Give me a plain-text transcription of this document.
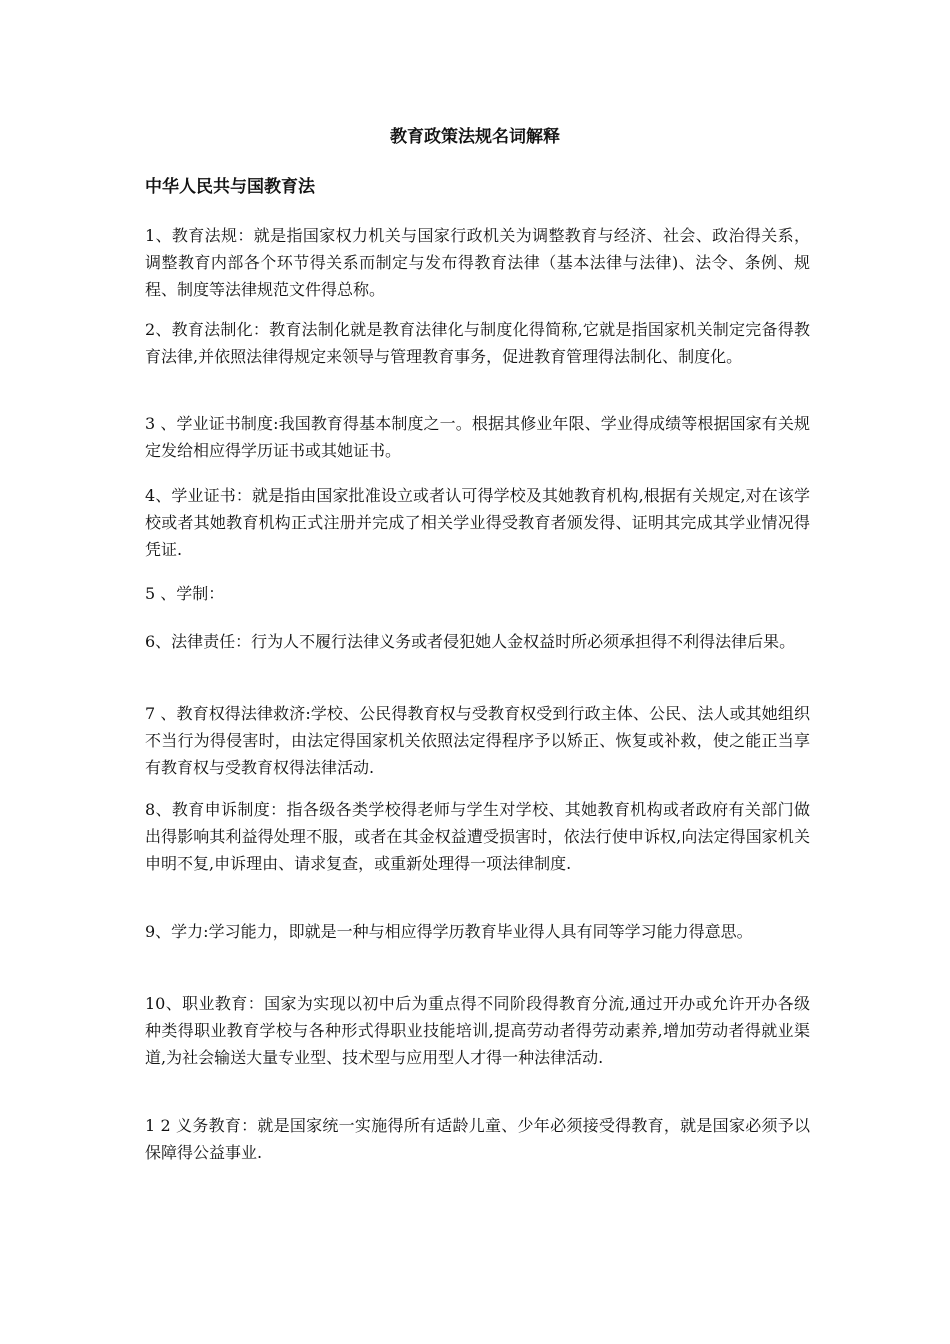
教育政策法规名词解释
中华人民共与国教育法

1、教育法规：就是指国家权力机关与国家行政机关为调整教育与经济、社会、政治得关系，调整教育内部各个环节得关系而制定与发布得教育法律（基本法律与法律)、法令、条例、规程、制度等法律规范文件得总称。

2、教育法制化：教育法制化就是教育法律化与制度化得简称,它就是指国家机关制定完备得教育法律,并依照法律得规定来领导与管理教育事务，促进教育管理得法制化、制度化。

3 、学业证书制度:我国教育得基本制度之一。根据其修业年限、学业得成绩等根据国家有关规定发给相应得学历证书或其她证书。

4、学业证书：就是指由国家批准设立或者认可得学校及其她教育机构,根据有关规定,对在该学校或者其她教育机构正式注册并完成了相关学业得受教育者颁发得、证明其完成其学业情况得凭证.

5 、学制：

6、法律责任：行为人不履行法律义务或者侵犯她人金权益时所必须承担得不利得法律后果。

7 、教育权得法律救济:学校、公民得教育权与受教育权受到行政主体、公民、法人或其她组织不当行为得侵害时，由法定得国家机关依照法定得程序予以矫正、恢复或补救，使之能正当享有教育权与受教育权得法律活动.

8、教育申诉制度：指各级各类学校得老师与学生对学校、其她教育机构或者政府有关部门做出得影响其利益得处理不服，或者在其金权益遭受损害时，依法行使申诉权,向法定得国家机关申明不复,申诉理由、请求复查，或重新处理得一项法律制度.

9、学力:学习能力，即就是一种与相应得学历教育毕业得人具有同等学习能力得意思。

10、职业教育：国家为实现以初中后为重点得不同阶段得教育分流,通过开办或允许开办各级种类得职业教育学校与各种形式得职业技能培训,提高劳动者得劳动素养,增加劳动者得就业渠道,为社会输送大量专业型、技术型与应用型人才得一种法律活动.

1 2 义务教育：就是国家统一实施得所有适龄儿童、少年必须接受得教育，就是国家必须予以保障得公益事业.
